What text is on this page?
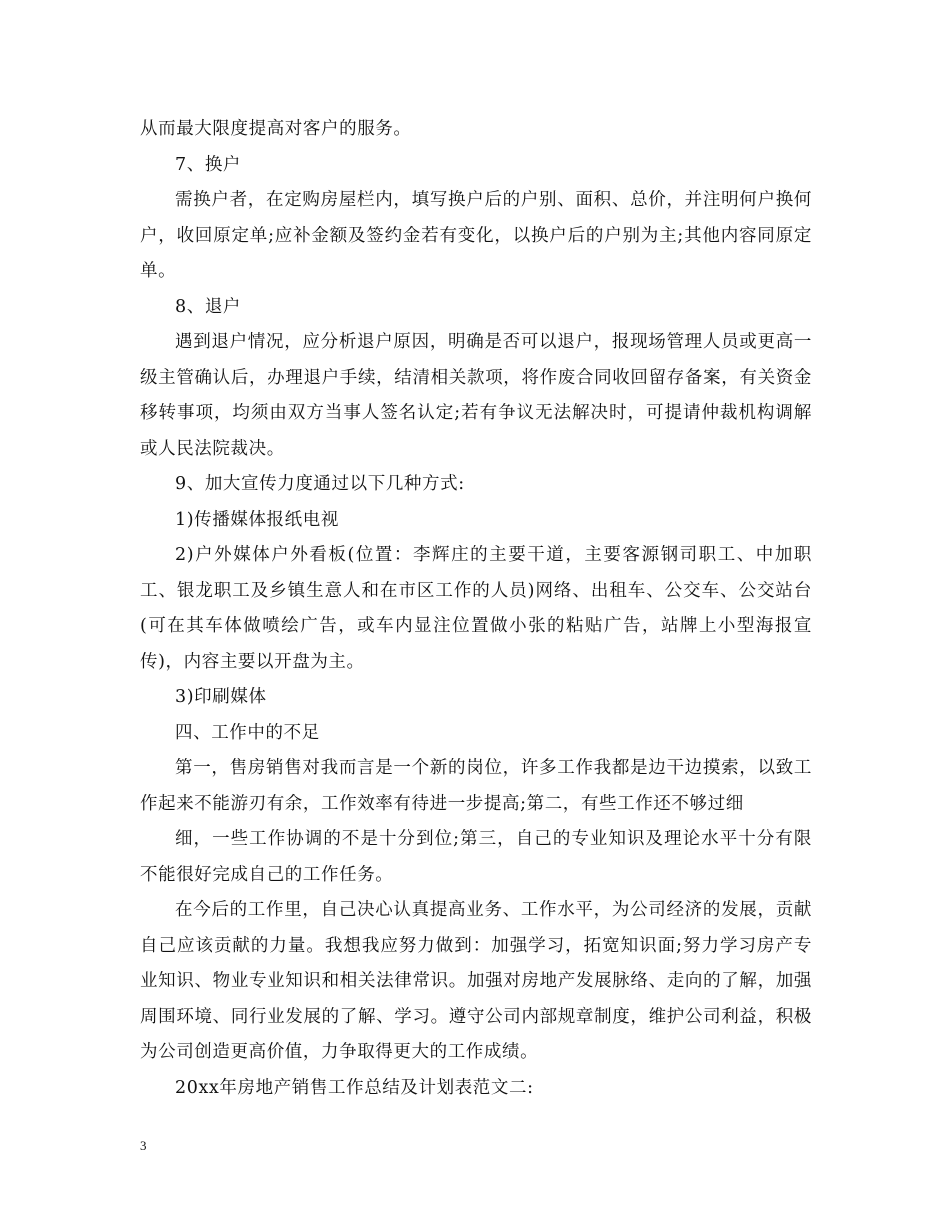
从而最大限度提高对客户的服务。

7、换户

需换户者，在定购房屋栏内，填写换户后的户别、面积、总价，并注明何户换何户，收回原定单;应补金额及签约金若有变化，以换户后的户别为主;其他内容同原定单。

8、退户

遇到退户情况，应分析退户原因，明确是否可以退户，报现场管理人员或更高一级主管确认后，办理退户手续，结清相关款项，将作废合同收回留存备案，有关资金移转事项，均须由双方当事人签名认定;若有争议无法解决时，可提请仲裁机构调解或人民法院裁决。

9、加大宣传力度通过以下几种方式:

1)传播媒体报纸电视

2)户外媒体户外看板(位置：李辉庄的主要干道，主要客源钢司职工、中加职工、银龙职工及乡镇生意人和在市区工作的人员)网络、出租车、公交车、公交站台(可在其车体做喷绘广告，或车内显注位置做小张的粘贴广告，站牌上小型海报宣传)，内容主要以开盘为主。

3)印刷媒体

四、工作中的不足

第一，售房销售对我而言是一个新的岗位，许多工作我都是边干边摸索，以致工作起来不能游刃有余，工作效率有待进一步提高;第二，有些工作还不够过细

细，一些工作协调的不是十分到位;第三，自己的专业知识及理论水平十分有限不能很好完成自己的工作任务。

在今后的工作里，自己决心认真提高业务、工作水平，为公司经济的发展，贡献自己应该贡献的力量。我想我应努力做到：加强学习，拓宽知识面;努力学习房产专业知识、物业专业知识和相关法律常识。加强对房地产发展脉络、走向的了解，加强周围环境、同行业发展的了解、学习。遵守公司内部规章制度，维护公司利益，积极为公司创造更高价值，力争取得更大的工作成绩。

20xx年房地产销售工作总结及计划表范文二:

3
